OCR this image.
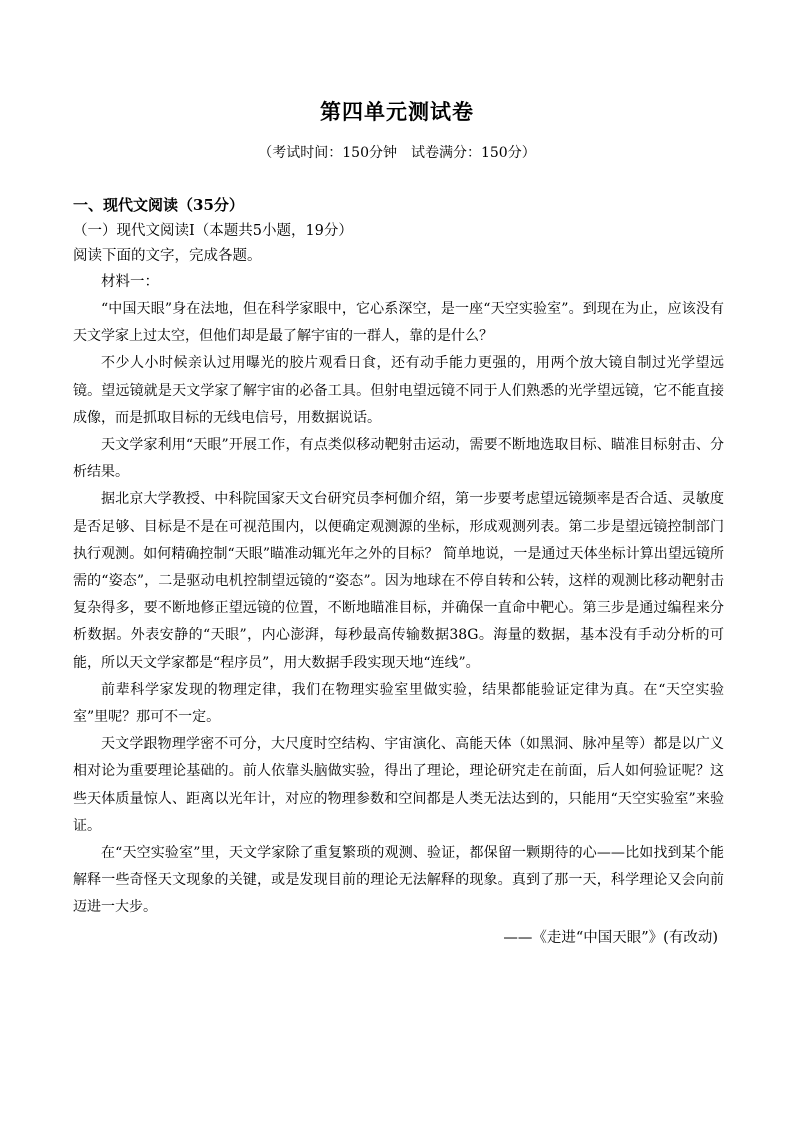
第四单元测试卷
（考试时间：150分钟　试卷满分：150分）
一、现代文阅读（35分）
（一）现代文阅读Ⅰ（本题共5小题，19分）
阅读下面的文字，完成各题。
材料一：

“中国天眼”身在法地，但在科学家眼中，它心系深空，是一座“天空实验室”。到现在为止，应该没有天文学家上过太空，但他们却是最了解宇宙的一群人，靠的是什么？

不少人小时候亲认过用曝光的胶片观看日食，还有动手能力更强的，用两个放大镜自制过光学望远镜。望远镜就是天文学家了解宇宙的必备工具。但射电望远镜不同于人们熟悉的光学望远镜，它不能直接成像，而是抓取目标的无线电信号，用数据说话。

天文学家利用“天眼”开展工作，有点类似移动靶射击运动，需要不断地选取目标、瞄准目标射击、分析结果。

据北京大学教授、中科院国家天文台研究员李柯伽介绍，第一步要考虑望远镜频率是否合适、灵敏度是否足够、目标是不是在可视范围内，以便确定观测源的坐标，形成观测列表。第二步是望远镜控制部门执行观测。如何精确控制“天眼”瞄准动辄光年之外的目标？ 简单地说，一是通过天体坐标计算出望远镜所需的“姿态”，二是驱动电机控制望远镜的“姿态”。因为地球在不停自转和公转，这样的观测比移动靶射击复杂得多，要不断地修正望远镜的位置，不断地瞄准目标，并确保一直命中靶心。第三步是通过编程来分析数据。外表安静的“天眼”，内心澎湃，每秒最高传输数据38G。海量的数据，基本没有手动分析的可能，所以天文学家都是“程序员”，用大数据手段实现天地“连线”。

前辈科学家发现的物理定律，我们在物理实验室里做实验，结果都能验证定律为真。在“天空实验室”里呢？那可不一定。

天文学跟物理学密不可分，大尺度时空结构、宇宙演化、高能天体（如黑洞、脉冲星等）都是以广义相对论为重要理论基础的。前人依靠头脑做实验，得出了理论，理论研究走在前面，后人如何验证呢？这些天体质量惊人、距离以光年计，对应的物理参数和空间都是人类无法达到的，只能用“天空实验室”来验证。

在“天空实验室”里，天文学家除了重复繁琐的观测、验证，都保留一颗期待的心——比如找到某个能解释一些奇怪天文现象的关键，或是发现目前的理论无法解释的现象。真到了那一天，科学理论又会向前迈进一大步。

——《走进“中国天眼”》(有改动)
